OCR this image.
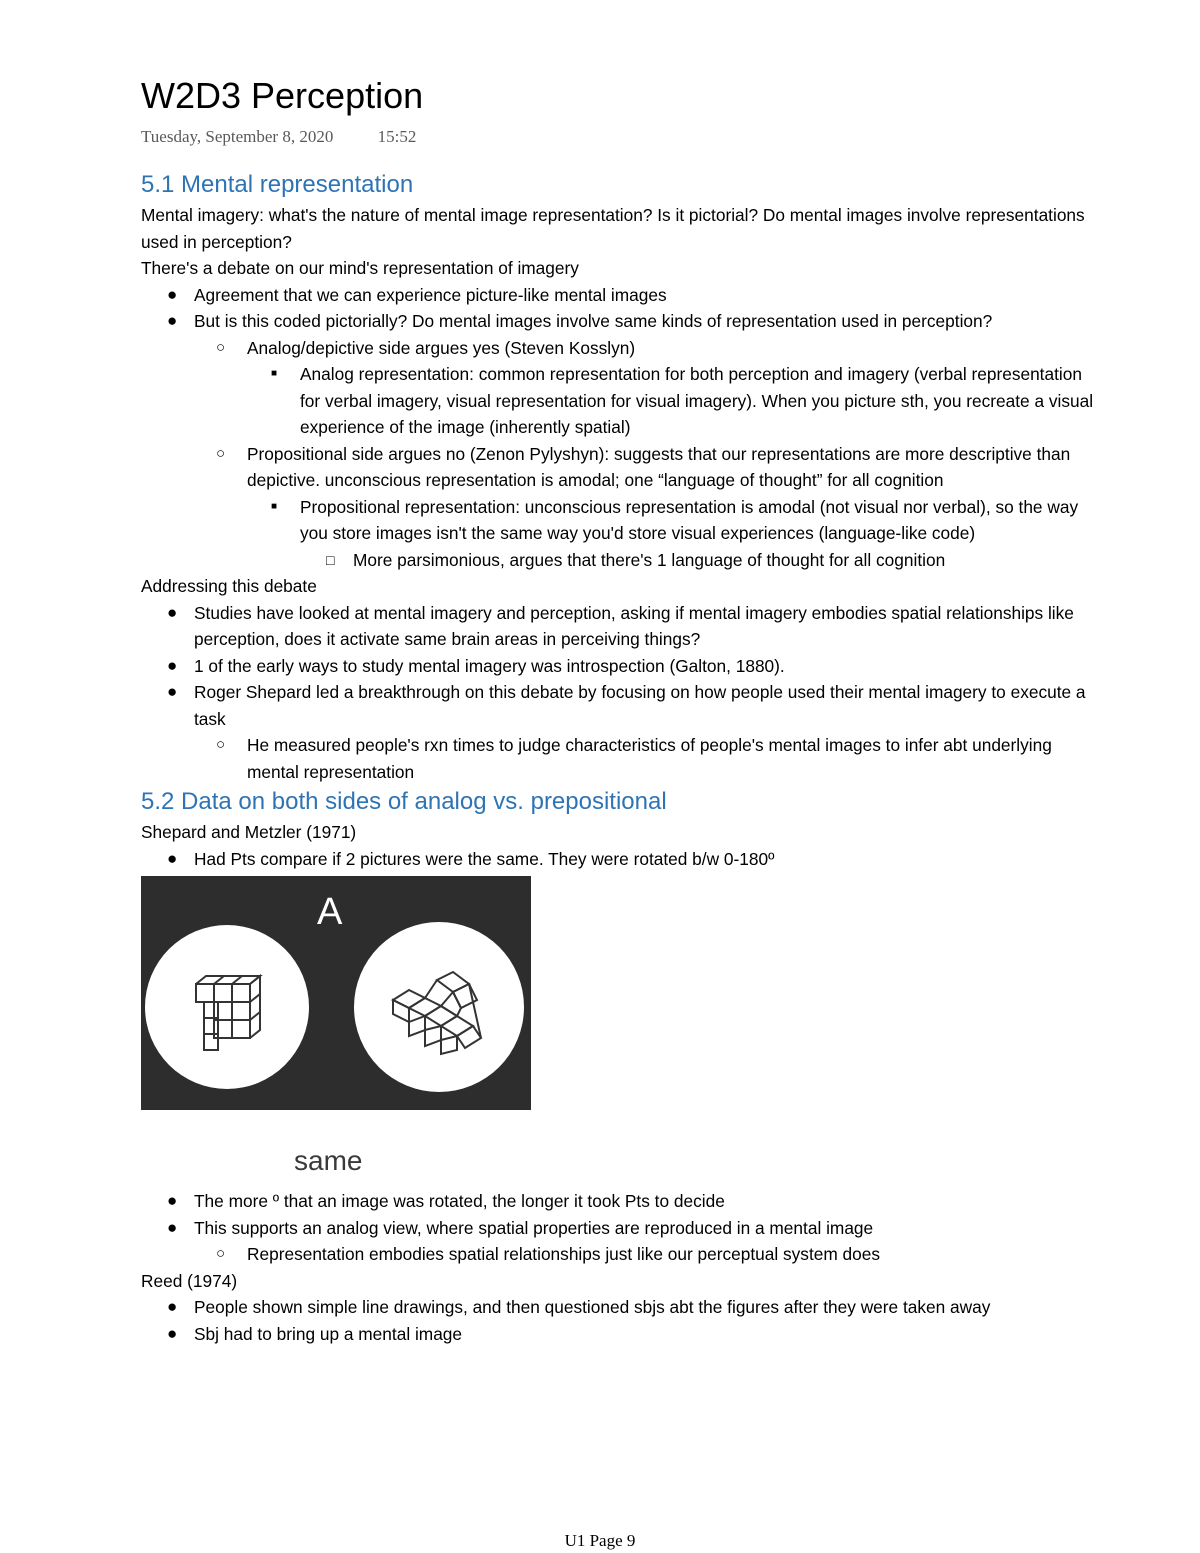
W2D3 Perception
Tuesday, September 8, 2020	15:52
5.1 Mental representation

Mental imagery: what's the nature of mental image representation? Is it pictorial? Do mental images involve representations used in perception?

There's a debate on our mind's representation of imagery

● Agreement that we can experience picture-like mental images
● But is this coded pictorially? Do mental images involve same kinds of representation used in perception?
○ Analog/depictive side argues yes (Steven Kosslyn)
■ Analog representation: common representation for both perception and imagery (verbal representation for verbal imagery, visual representation for visual imagery). When you picture sth, you recreate a visual experience of the image (inherently spatial)
○ Propositional side argues no (Zenon Pylyshyn): suggests that our representations are more descriptive than depictive. unconscious representation is amodal; one “language of thought” for all cognition
■ Propositional representation: unconscious representation is amodal (not visual nor verbal), so the way you store images isn't the same way you'd store visual experiences (language-like code)
□ More parsimonious, argues that there's 1 language of thought for all cognition

Addressing this debate

● Studies have looked at mental imagery and perception, asking if mental imagery embodies spatial relationships like perception, does it activate same brain areas in perceiving things?
● 1 of the early ways to study mental imagery was introspection (Galton, 1880).
● Roger Shepard led a breakthrough on this debate by focusing on how people used their mental imagery to execute a task
○ He measured people's rxn times to judge characteristics of people's mental images to infer abt underlying mental representation
5.2 Data on both sides of analog vs. prepositional

Shepard and Metzler (1971)

● Had Pts compare if 2 pictures were the same. They were rotated b/w 0-180º
A
same
● The more º that an image was rotated, the longer it took Pts to decide
● This supports an analog view, where spatial properties are reproduced in a mental image
○ Representation embodies spatial relationships just like our perceptual system does

Reed (1974)

● People shown simple line drawings, and then questioned sbjs abt the figures after they were taken away
● Sbj had to bring up a mental image
U1 Page 9
